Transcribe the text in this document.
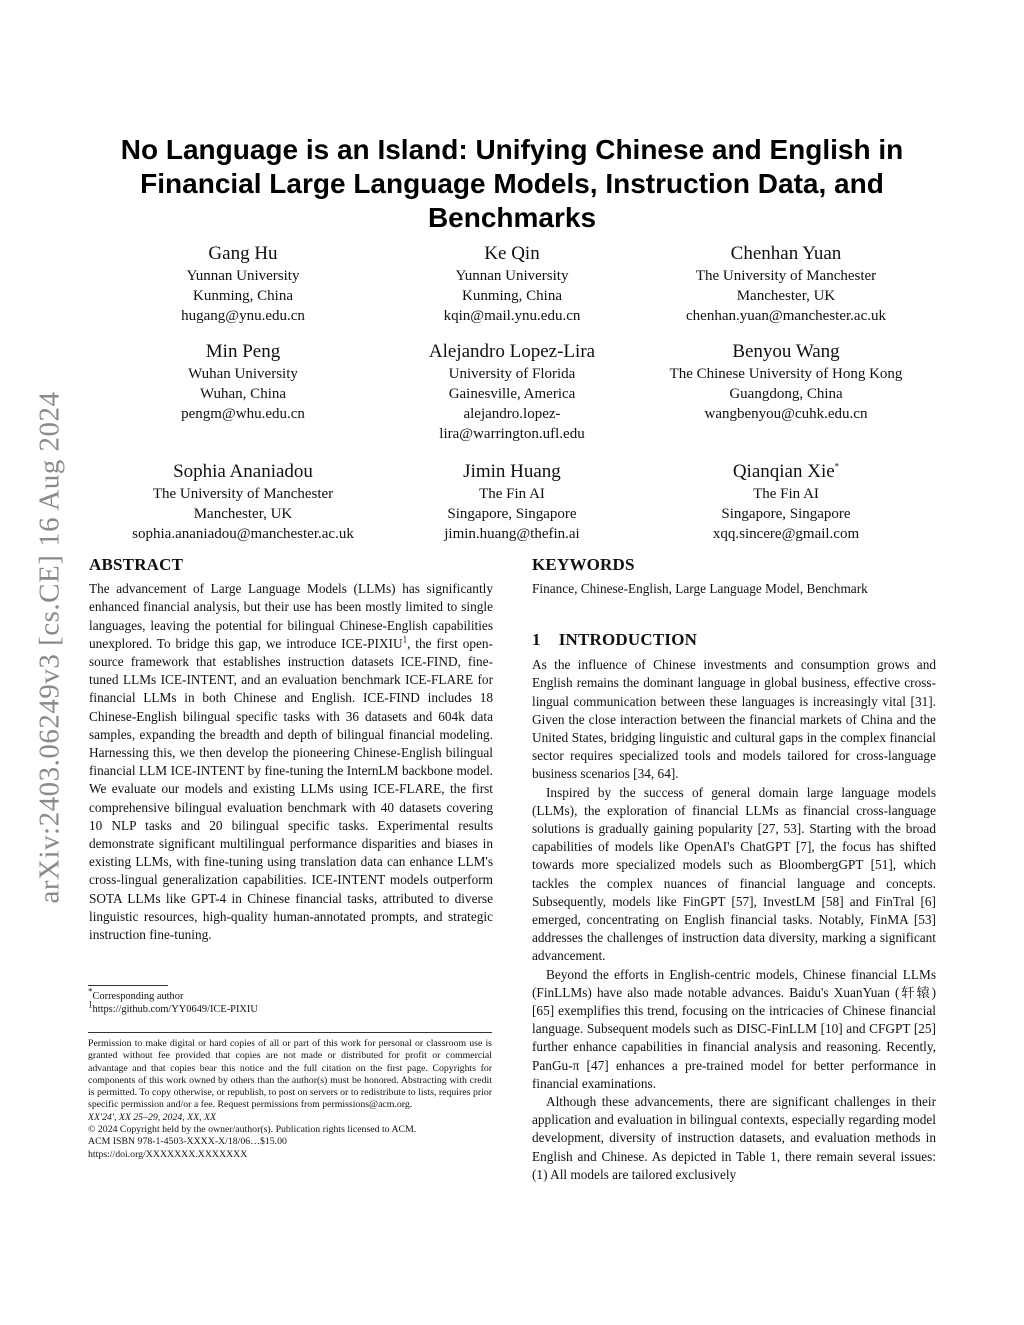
arXiv:2403.06249v3 [cs.CE] 16 Aug 2024
No Language is an Island: Unifying Chinese and English in Financial Large Language Models, Instruction Data, and Benchmarks
Gang Hu
Yunnan University
Kunming, China
hugang@ynu.edu.cn
Ke Qin
Yunnan University
Kunming, China
kqin@mail.ynu.edu.cn
Chenhan Yuan
The University of Manchester
Manchester, UK
chenhan.yuan@manchester.ac.uk
Min Peng
Wuhan University
Wuhan, China
pengm@whu.edu.cn
Alejandro Lopez-Lira
University of Florida
Gainesville, America
alejandro.lopez-
lira@warrington.ufl.edu
Benyou Wang
The Chinese University of Hong Kong
Guangdong, China
wangbenyou@cuhk.edu.cn
Sophia Ananiadou
The University of Manchester
Manchester, UK
sophia.ananiadou@manchester.ac.uk
Jimin Huang
The Fin AI
Singapore, Singapore
jimin.huang@thefin.ai
Qianqian Xie*
The Fin AI
Singapore, Singapore
xqq.sincere@gmail.com
ABSTRACT

The advancement of Large Language Models (LLMs) has significantly enhanced financial analysis, but their use has been mostly limited to single languages, leaving the potential for bilingual Chinese-English capabilities unexplored. To bridge this gap, we introduce ICE-PIXIU$^1$, the first open-source framework that establishes instruction datasets ICE-FIND, fine-tuned LLMs ICE-INTENT, and an evaluation benchmark ICE-FLARE for financial LLMs in both Chinese and English. ICE-FIND includes 18 Chinese-English bilingual specific tasks with 36 datasets and 604k data samples, expanding the breadth and depth of bilingual financial modeling. Harnessing this, we then develop the pioneering Chinese-English bilingual financial LLM ICE-INTENT by fine-tuning the InternLM backbone model. We evaluate our models and existing LLMs using ICE-FLARE, the first comprehensive bilingual evaluation benchmark with 40 datasets covering 10 NLP tasks and 20 bilingual specific tasks. Experimental results demonstrate significant multilingual performance disparities and biases in existing LLMs, with fine-tuning using translation data can enhance LLM's cross-lingual generalization capabilities. ICE-INTENT models outperform SOTA LLMs like GPT-4 in Chinese financial tasks, attributed to diverse linguistic resources, high-quality human-annotated prompts, and strategic instruction fine-tuning.

*Corresponding author
$^1$https://github.com/YY0649/ICE-PIXIU

Permission to make digital or hard copies of all or part of this work for personal or classroom use is granted without fee provided that copies are not made or distributed for profit or commercial advantage and that copies bear this notice and the full citation on the first page. Copyrights for components of this work owned by others than the author(s) must be honored. Abstracting with credit is permitted. To copy otherwise, or republish, to post on servers or to redistribute to lists, requires prior specific permission and/or a fee. Request permissions from permissions@acm.org.

XX'24', XX 25–29, 2024, XX, XX

© 2024 Copyright held by the owner/author(s). Publication rights licensed to ACM.

ACM ISBN 978-1-4503-XXXX-X/18/06…$15.00

https://doi.org/XXXXXXX.XXXXXXX

KEYWORDS

Finance, Chinese-English, Large Language Model, Benchmark

1 INTRODUCTION

As the influence of Chinese investments and consumption grows and English remains the dominant language in global business, effective cross-lingual communication between these languages is increasingly vital [31]. Given the close interaction between the financial markets of China and the United States, bridging linguistic and cultural gaps in the complex financial sector requires specialized tools and models tailored for cross-language business scenarios [34, 64].

Inspired by the success of general domain large language models (LLMs), the exploration of financial LLMs as financial cross-language solutions is gradually gaining popularity [27, 53]. Starting with the broad capabilities of models like OpenAI's ChatGPT [7], the focus has shifted towards more specialized models such as BloombergGPT [51], which tackles the complex nuances of financial language and concepts. Subsequently, models like FinGPT [57], InvestLM [58] and FinTral [6] emerged, concentrating on English financial tasks. Notably, FinMA [53] addresses the challenges of instruction data diversity, marking a significant advancement.

Beyond the efforts in English-centric models, Chinese financial LLMs (FinLLMs) have also made notable advances. Baidu's XuanYuan (轩辕) [65] exemplifies this trend, focusing on the intricacies of Chinese financial language. Subsequent models such as DISC-FinLLM [10] and CFGPT [25] further enhance capabilities in financial analysis and reasoning. Recently, PanGu-π [47] enhances a pre-trained model for better performance in financial examinations.

Although these advancements, there are significant challenges in their application and evaluation in bilingual contexts, especially regarding model development, diversity of instruction datasets, and evaluation methods in English and Chinese. As depicted in Table 1, there remain several issues: (1) All models are tailored exclusively
